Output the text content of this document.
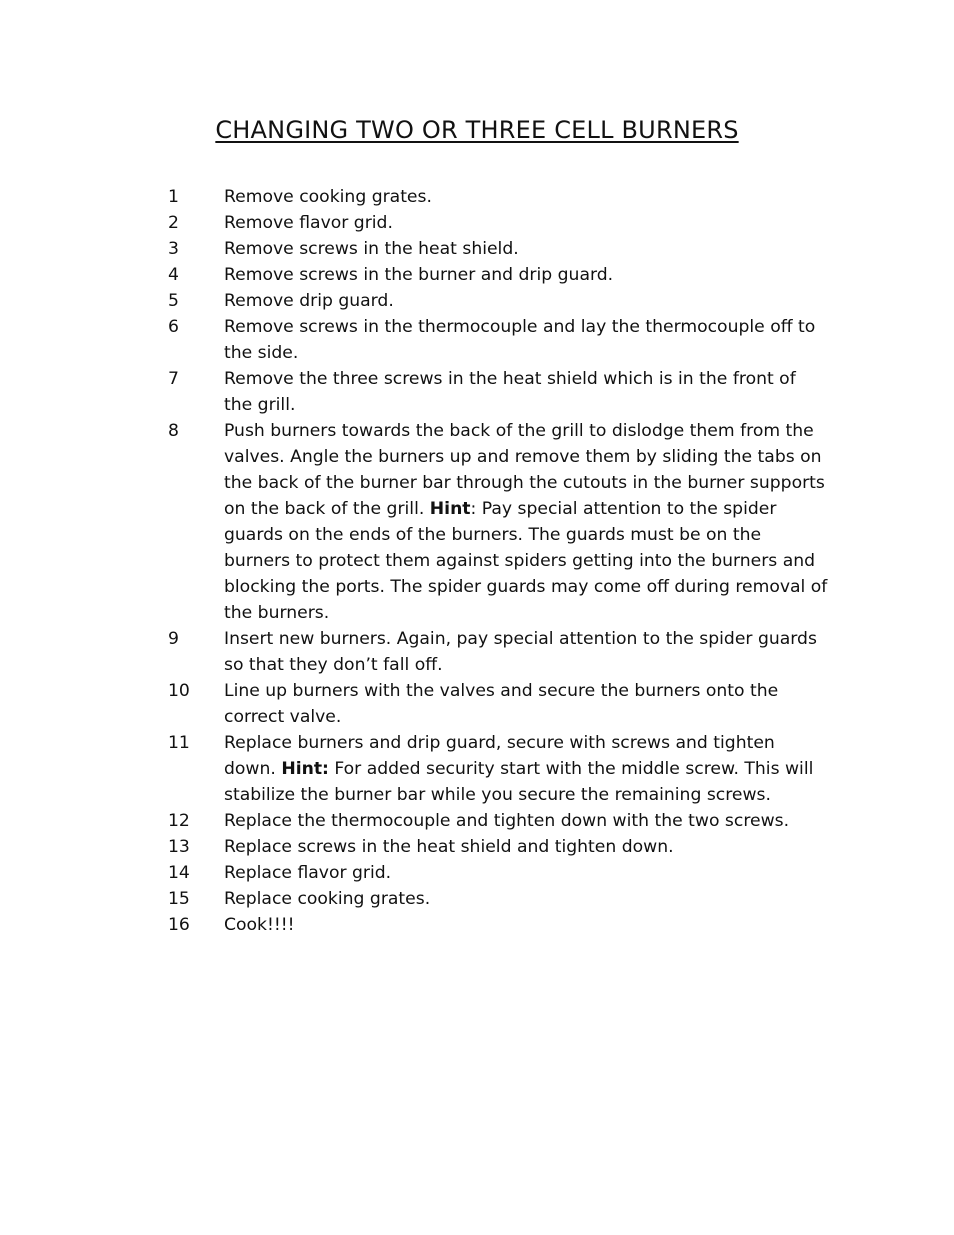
CHANGING TWO OR THREE CELL BURNERS
1	Remove cooking grates.
2	Remove flavor grid.
3	Remove screws in the heat shield.
4	Remove screws in the burner and drip guard.
5	Remove drip guard.
6	Remove screws in the thermocouple and lay the thermocouple off to the side.
7	Remove the three screws in the heat shield which is in the front of the grill.
8	Push burners towards the back of the grill to dislodge them from the valves. Angle the burners up and remove them by sliding the tabs on the back of the burner bar through the cutouts in the burner supports on the back of the grill. Hint: Pay special attention to the spider guards on the ends of the burners. The guards must be on the burners to protect them against spiders getting into the burners and blocking the ports. The spider guards may come off during removal of the burners.
9	Insert new burners. Again, pay special attention to the spider guards so that they don’t fall off.
10	Line up burners with the valves and secure the burners onto the correct valve.
11	Replace burners and drip guard, secure with screws and tighten down. Hint: For added security start with the middle screw. This will stabilize the burner bar while you secure the remaining screws.
12	Replace the thermocouple and tighten down with the two screws.
13	Replace screws in the heat shield and tighten down.
14	Replace flavor grid.
15	Replace cooking grates.
16	Cook!!!!
